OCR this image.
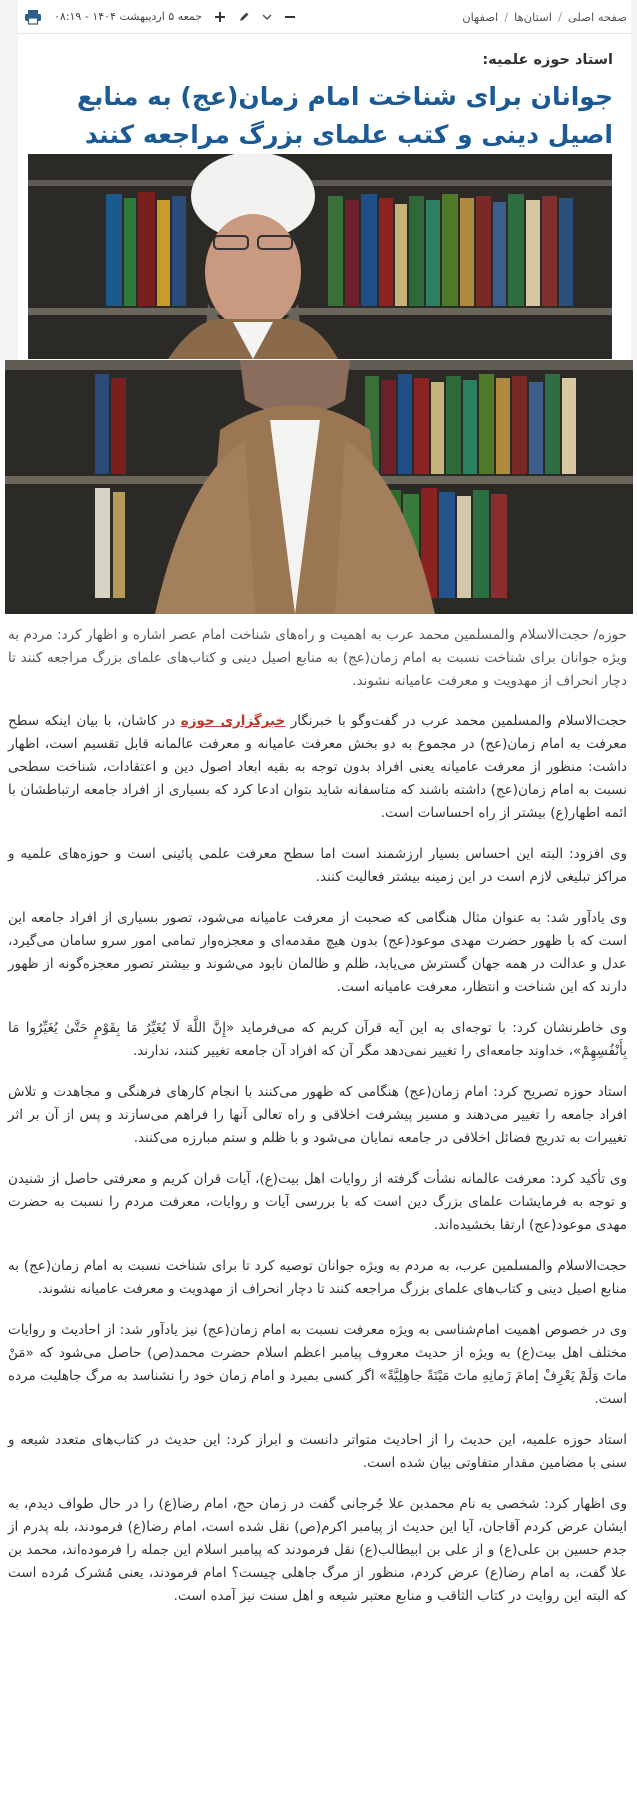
صفحه اصلی
/
استان‌ها
/
اصفهان
جمعه ۵ اردیبهشت ۱۴۰۴ - ۰۸:۱۹
استاد حوزه علمیه:
جوانان برای شناخت امام زمان(عج) به منابع اصیل دینی و کتب علمای بزرگ مراجعه کنند

حوزه/ حجت‌الاسلام والمسلمین محمد عرب به اهمیت و راه‌های شناخت امام عصر اشاره و اظهار کرد: مردم به ویژه جوانان برای شناخت نسبت به امام زمان(عج) به منابع اصیل دینی و کتاب‌های علمای بزرگ مراجعه کنند تا دچار انحراف از مهدویت و معرفت عامیانه نشوند.

حجت‌الاسلام والمسلمین محمد عرب در گفت‌وگو با خبرنگار خبرگزاری حوزه در کاشان، با بیان اینکه سطح معرفت به امام زمان(عج) در مجموع به دو بخش معرفت عامیانه و معرفت عالمانه قابل تقسیم است، اظهار داشت: منظور از معرفت عامیانه یعنی افراد بدون توجه به بقیه ابعاد اصول دین و اعتقادات، شناخت سطحی نسبت به امام زمان(عج) داشته باشند که متاسفانه شاید بتوان ادعا کرد که بسیاری از افراد جامعه ارتباطشان با ائمه اطهار(ع) بیشتر از راه احساسات است.

وی افزود: البته این احساس بسیار ارزشمند است اما سطح معرفت علمی پائینی است و حوزه‌های علمیه و مراکز تبلیغی لازم است در این زمینه بیشتر فعالیت کنند.

وی یادآور شد: به عنوان مثال هنگامی که صحبت از معرفت عامیانه می‌شود، تصور بسیاری از افراد جامعه این است که با ظهور حضرت مهدی موعود(عج) بدون هیچ مقدمه‌ای و معجزه‌وار تمامی امور سرو سامان می‌گیرد، عدل و عدالت در همه جهان گسترش می‌یابد، ظلم و ظالمان نابود می‌شوند و بیشتر تصور معجزه‌گونه از ظهور دارند که این شناخت و انتظار، معرفت عامیانه است.

وی خاطرنشان کرد: با توجه‌ای به این آیه قرآن کریم که می‌فرماید «إِنَّ اللَّهَ لَا يُغَيِّرُ مَا بِقَوْمٍ حَتَّىٰ يُغَيِّرُوا مَا بِأَنْفُسِهِمْ»، خداوند جامعه‌ای را تغییر نمی‌دهد مگر آن که افراد آن جامعه تغییر کنند، ندارند.

استاد حوزه تصریح کرد: امام زمان(عج) هنگامی که ظهور می‌کنند با انجام کارهای فرهنگی و مجاهدت و تلاش افراد جامعه را تغییر می‌دهند و مسیر پیشرفت اخلاقی و راه تعالی آنها را فراهم می‌سازند و پس از آن بر اثر تغییرات به تدریج فضائل اخلاقی در جامعه نمایان می‌شود و با ظلم و ستم مبارزه می‌کنند.

وی تأکید کرد: معرفت عالمانه نشأت گرفته از روایات اهل بیت(ع)، آیات قران کریم و معرفتی حاصل از شنیدن و توجه به فرمایشات علمای بزرگ دین است که با بررسی آیات و روایات، معرفت مردم را نسبت به حضرت مهدی موعود(عج) ارتقا بخشیده‌اند.

حجت‌الاسلام والمسلمین عرب، به مردم به ویژه جوانان توصیه کرد تا برای شناخت نسبت به امام زمان(عج) به منابع اصیل دینی و کتاب‌های علمای بزرگ مراجعه کنند تا دچار انحراف از مهدویت و معرفت عامیانه نشوند.

وی در خصوص اهمیت امام‌شناسی به ویژه معرفت نسبت به امام زمان(عج) نیز یادآور شد: از احادیث و روایات مختلف اهل بیت(ع) به ویژه از حدیث معروف پیامبر اعظم اسلام حضرت محمد(ص) حاصل می‌شود که «مَنْ ماتَ وَلَمْ يَعْرِفْ إمامَ زَمانِهِ ماتَ مَيْتَةً جاهِلِيَّةً» اگر کسی بمیرد و امام زمان خود را نشناسد به مرگ جاهلیت مرده است.

استاد حوزه علمیه، این حدیث را از احادیث متواتر دانست و ابراز کرد: این حدیث در کتاب‌های متعدد شیعه و سنی با مضامین مقدار متفاوتی بیان شده است.

وی اظهار کرد: شخصی به نام محمدبن علا جُرجانی گفت در زمان حج، امام رضا(ع) را در حال طواف دیدم، به ایشان عرض کردم آقاجان، آیا این حدیث از پیامبر اکرم(ص) نقل شده است، امام رضا(ع) فرمودند، بله پدرم از جدم حسین بن علی(ع) و از علی بن ابیطالب(ع) نقل فرمودند که پیامبر اسلام این جمله را فرموده‌اند، محمد بن علا گفت، به امام رضا(ع) عرض کردم، منظور از مرگ جاهلی چیست؟ امام فرمودند، یعنی مُشرک مُرده است که البته این روایت در کتاب الثاقب و منابع معتبر شیعه و اهل سنت نیز آمده است.
